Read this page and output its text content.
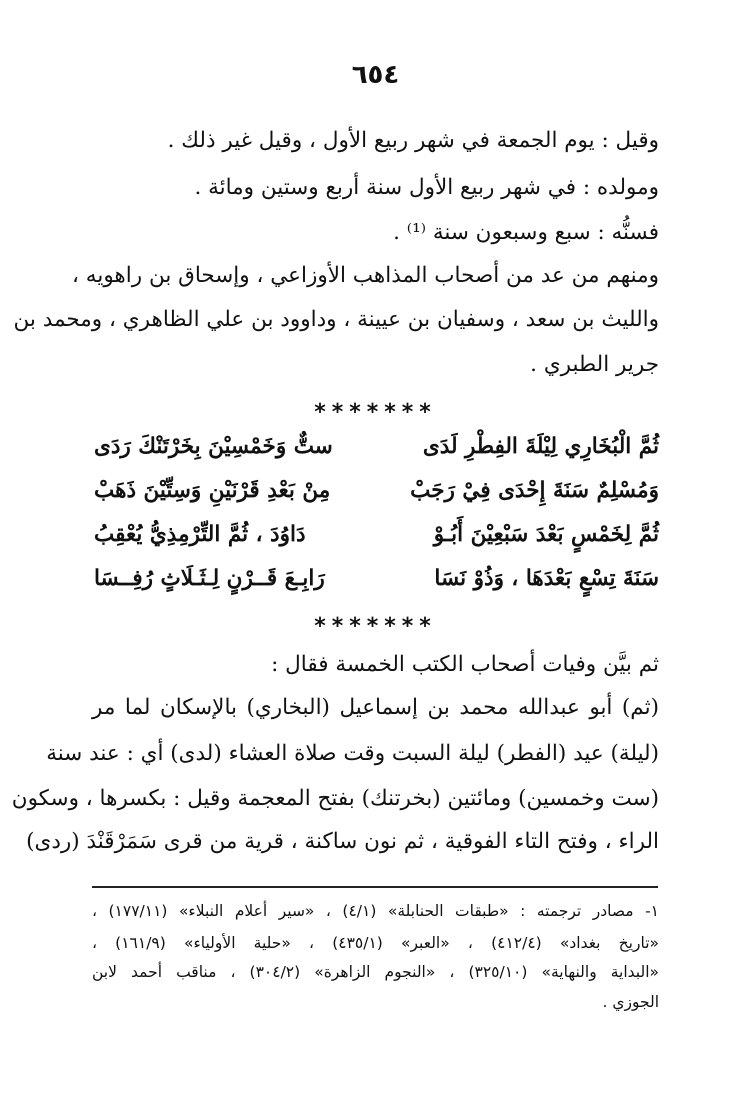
٦٥٤
وقيل : يوم الجمعة في شهر ربيع الأول ، وقيل غير ذلك .
ومولده : في شهر ربيع الأول سنة أربع وستين ومائة .
فسنُّه : سبع وسبعون سنة ⁽¹⁾ .
ومنهم من عد من أصحاب المذاهب الأوزاعي ، وإسحاق بن راهويه ،
والليث بن سعد ، وسفيان بن عيينة ، وداوود بن علي الظاهري ، ومحمد بن
جرير الطبري .
*******
ثُمَّ الْبُخَارِي لِيْلَةَ الفِطْرِ لَدَى
ستٌّ وَخَمْسِيْنَ بِخَرْتَنْكَ رَدَى
وَمُسْلِمٌ سَنَةَ إِحْدَى فِيْ رَجَبْ
مِنْ بَعْدِ قَرْنَيْنِ وَسِتِّيْنَ ذَهَبْ
ثُمَّ لِخَمْسٍ بَعْدَ سَبْعِيْنَ أَبُـوْ
دَاوُدَ ، ثُمَّ التِّرْمِذِيُّ يُعْقِبُ
سَنَةَ تِسْعٍ بَعْدَهَا ، وَذُوْ نَسَا
رَابِـعَ قَــرْنٍ لِـثَـلَاثٍ رُفِــسَا
*******
ثم بيَّن وفيات أصحاب الكتب الخمسة فقال :
(ثم) أبو عبدالله محمد بن إسماعيل (البخاري) بالإسكان لما مر
(ليلة) عيد (الفطر) ليلة السبت وقت صلاة العشاء (لدى) أي : عند سنة
(ست وخمسين) ومائتين (بخرتنك) بفتح المعجمة وقيل : بكسرها ، وسكون
الراء ، وفتح التاء الفوقية ، ثم نون ساكنة ، قرية من قرى سَمَرْقَنْدَ (ردى)
١- مصادر ترجمته : «طبقات الحنابلة» (٤/١) ، «سير أعلام النبلاء» (١٧٧/١١) ،
«تاريخ بغداد» (٤١٢/٤) ، «العبر» (٤٣٥/١) ، «حلية الأولياء» (١٦١/٩) ،
«البداية والنهاية» (٣٢٥/١٠) ، «النجوم الزاهرة» (٣٠٤/٢) ، مناقب أحمد لابن
الجوزي .
